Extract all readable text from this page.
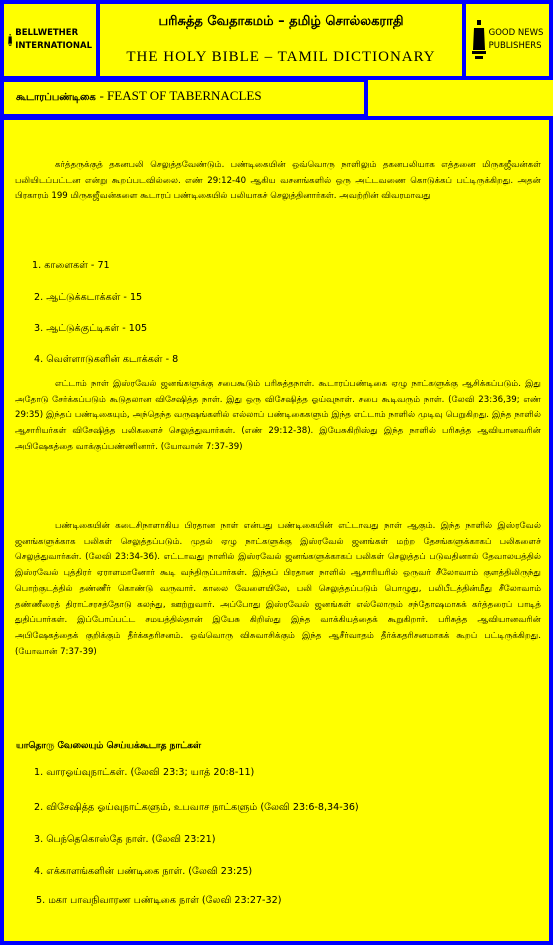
BELLWETHER
INTERNATIONAL
பரிசுத்த வேதாகமம் – தமிழ் சொல்லகராதி
THE HOLY BIBLE – TAMIL DICTIONARY
GOOD NEWS
PUBLISHERS
கூடாரப்பண்டிகை - FEAST OF TABERNACLES

கர்த்தருக்குத் தகனபலி செலுத்தவேண்டும். பண்டிகையின் ஒவ்வொரு நாளிலும் தகனபலியாக எத்தனை மிருகஜீவன்கள் பலியிடப்பட்டன என்று கூறப்படவில்லை. எண் 29:12-40 ஆகிய வசனங்களில் ஒரு அட்டவணை கொடுக்கப் பட்டிருக்கிறது. அதன் பிரகாரம் 199 மிருகஜீவன்களை கூடாரப் பண்டிகையில் பலியாகச் செலுத்தினார்கள். அவற்றின் விவரமாவது

1. காளைகள் - 71
2. ஆட்டுக்கடாக்கள் - 15
3. ஆட்டுக்குட்டிகள் - 105
4. வெள்ளாடுகளின் கடாக்கள் - 8

எட்டாம் நாள் இஸ்ரவேல் ஜனங்களுக்கு சபைகூடும் பரிசுத்தநாள். கூடாரப்பண்டிகை ஏழு நாட்களுக்கு ஆசிக்கப்படும். இது அதோடு சேர்க்கப்படும் கூடுதலான விசேஷித்த நாள். இது ஒரு விசேஷித்த ஓய்வுநாள். சபை கூடிவரும் நாள். (லேவி 23:36,39; எண் 29:35) இந்தப் பண்டிகையும், அந்தெந்த வருஷங்களில் எல்லாப் பண்டிகைகளும் இந்த எட்டாம் நாளில் முடிவு பெறுகிறது. இந்த நாளில் ஆசாரியர்கள் விசேஷித்த பலிகளைச் செலுத்துவார்கள். (எண் 29:12-38). இயேசுகிறிஸ்து இந்த நாளில் பரிசுத்த ஆவியானவரின் அபிஷேகத்தை வாக்குப்பண்ணினார். (யோவான் 7:37-39)

பண்டிகையின் கடைசிநாளாகிய பிரதான நாள் என்பது பண்டிகையின் எட்டாவது நாள் ஆகும். இந்த நாளில் இஸ்ரவேல் ஜனங்களுக்காக பலிகள் செலுத்தப்படும். முதல் ஏழு நாட்களுக்கு இஸ்ரவேல் ஜனங்கள் மற்ற தேசங்களுக்காகப் பலிகளைச் செலுத்துவார்கள். (லேவி 23:34-36). எட்டாவது நாளில் இஸ்ரவேல் ஜனங்களுக்காகப் பலிகள் செலுத்தப் படுவதினால் தேவாலயத்தில் இஸ்ரவேல் புத்திரர் ஏராளமானோர் கூடி வந்திருப்பார்கள். இந்தப் பிரதான நாளில் ஆசாரியரில் ஒருவர் சீலோவாம் குளத்திலிருந்து பொற்குடத்தில் தண்ணீர் கொண்டு வருவார். காலை வேளையிலே, பலி செலுத்தப்படும் பொழுது, பலிபீடத்தின்மீது சீலோவாம் தண்ணீரைத் திராட்சரசத்தோடு கலந்து, ஊற்றுவார். அப்போது இஸ்ரவேல் ஜனங்கள் எல்லோரும் சந்தோஷமாகக் கர்த்தரைப் பாடித் துதிப்பார்கள். இப்போப்பட்ட சமயத்தில்தான் இயேசு கிறிஸ்து இந்த வாக்கியத்தைக் கூறுகிறார். பரிசுத்த ஆவியானவரின் அபிஷேகத்தைக் குறிக்கும் தீர்க்கதரிசனம். ஒவ்வொரு விசுவாசிக்கும் இந்த ஆசீர்வாதம் தீர்க்கதரிசனமாகக் கூறப் பட்டிருக்கிறது. (யோவான் 7:37-39)

யாதொரு வேலையும் செய்யக்கூடாத நாட்கள்
1. வாரஓய்வுநாட்கள். (லேவி 23:3; யாத் 20:8-11)
2. விசேஷித்த ஓய்வுநாட்களும், உபவாச நாட்களும் (லேவி 23:6-8,34-36)
3. பெந்தெகொஸ்தே நாள். (லேவி 23:21)
4. எக்காளங்களின் பண்டிகை நாள். (லேவி 23:25)
5. மகா பாவநிவாரண பண்டிகை நாள் (லேவி 23:27-32)
